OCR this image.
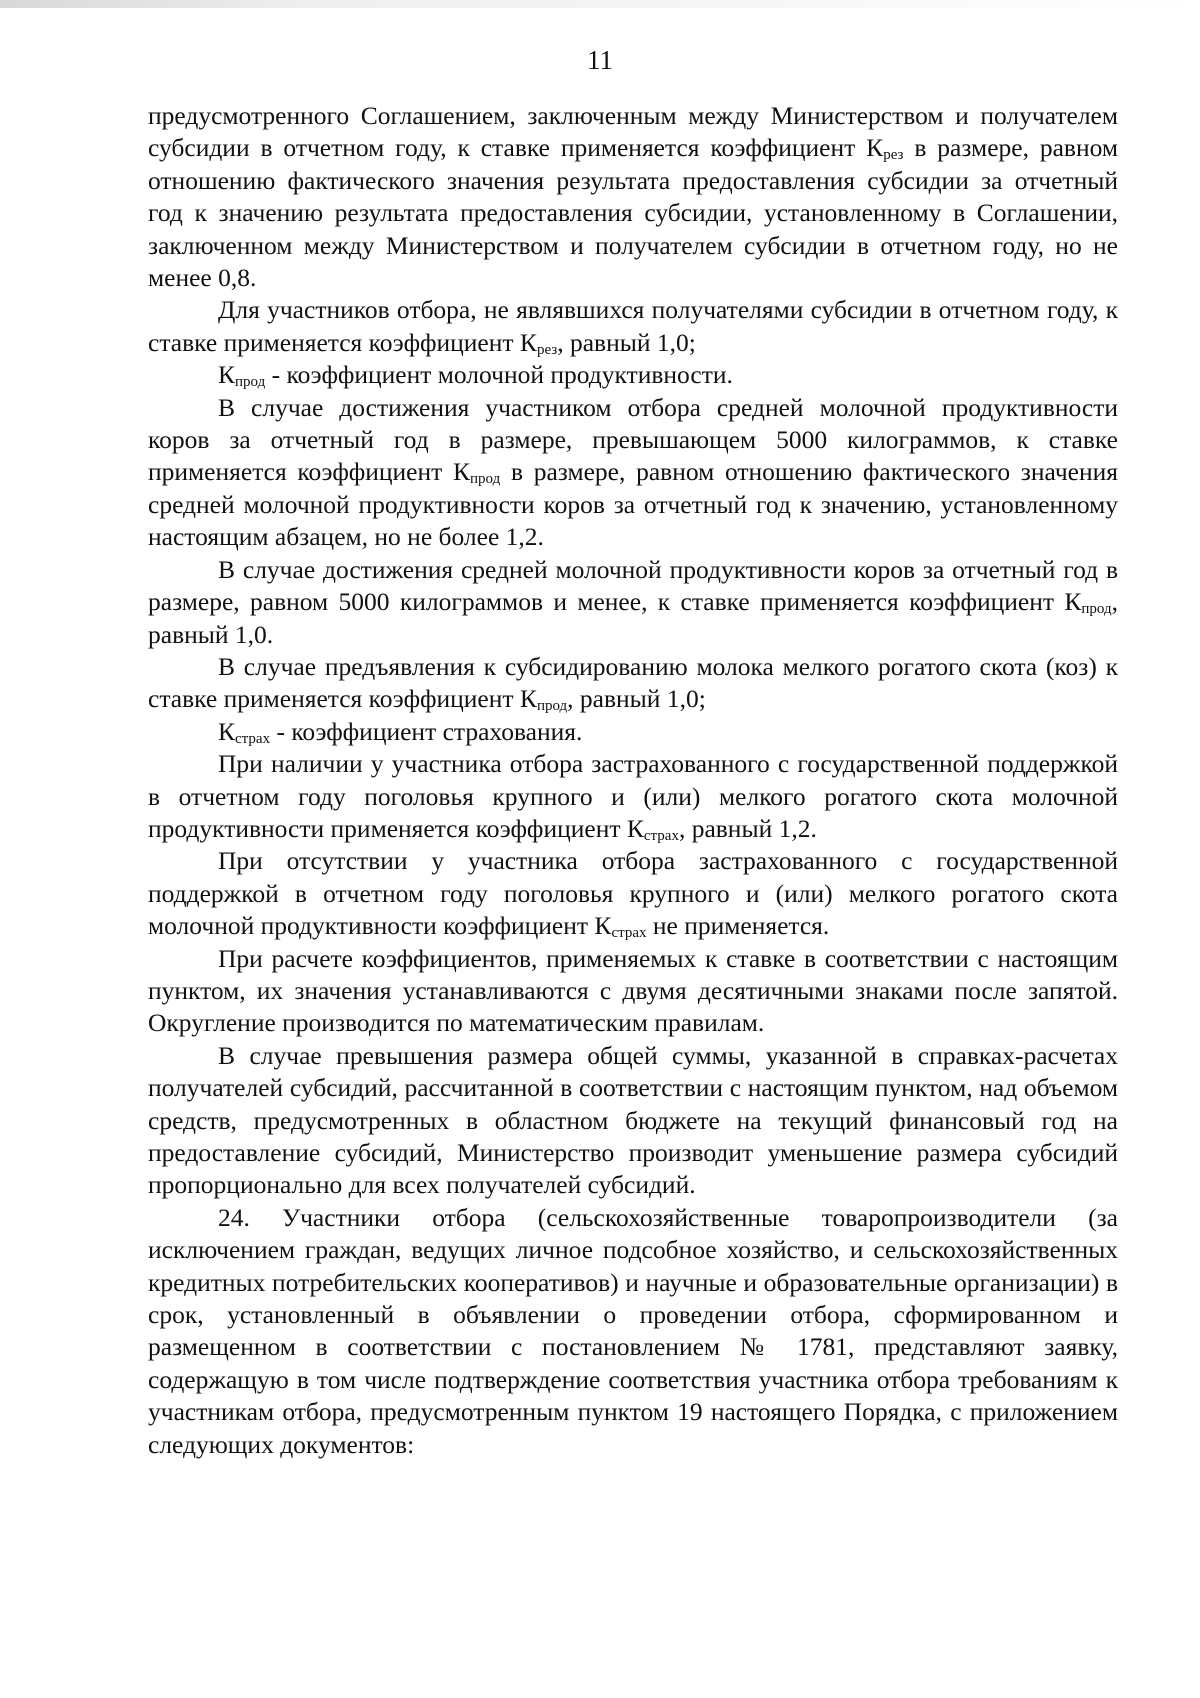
11

предусмотренного Соглашением, заключенным между Министерством и получателем субсидии в отчетном году, к ставке применяется коэффициент $К_{рез}$ в размере, равном отношению фактического значения результата предоставления субсидии за отчетный год к значению результата предоставления субсидии, установленному в Соглашении, заключенном между Министерством и получателем субсидии в отчетном году, но не менее 0,8.

Для участников отбора, не являвшихся получателями субсидии в отчетном году, к ставке применяется коэффициент $К_{рез}$, равный 1,0;

$К_{прод}$ - коэффициент молочной продуктивности.

В случае достижения участником отбора средней молочной продуктивности коров за отчетный год в размере, превышающем 5000 килограммов, к ставке применяется коэффициент $К_{прод}$ в размере, равном отношению фактического значения средней молочной продуктивности коров за отчетный год к значению, установленному настоящим абзацем, но не более 1,2.

В случае достижения средней молочной продуктивности коров за отчетный год в размере, равном 5000 килограммов и менее, к ставке применяется коэффициент $К_{прод}$, равный 1,0.

В случае предъявления к субсидированию молока мелкого рогатого скота (коз) к ставке применяется коэффициент $К_{прод}$, равный 1,0;

$К_{страх}$ - коэффициент страхования.

При наличии у участника отбора застрахованного с государственной поддержкой в отчетном году поголовья крупного и (или) мелкого рогатого скота молочной продуктивности применяется коэффициент $К_{страх}$, равный 1,2.

При отсутствии у участника отбора застрахованного с государственной поддержкой в отчетном году поголовья крупного и (или) мелкого рогатого скота молочной продуктивности коэффициент $К_{страх}$ не применяется.

При расчете коэффициентов, применяемых к ставке в соответствии с настоящим пунктом, их значения устанавливаются с двумя десятичными знаками после запятой. Округление производится по математическим правилам.

В случае превышения размера общей суммы, указанной в справках-расчетах получателей субсидий, рассчитанной в соответствии с настоящим пунктом, над объемом средств, предусмотренных в областном бюджете на текущий финансовый год на предоставление субсидий, Министерство производит уменьшение размера субсидий пропорционально для всех получателей субсидий.

24. Участники отбора (сельскохозяйственные товаропроизводители (за исключением граждан, ведущих личное подсобное хозяйство, и сельскохозяйственных кредитных потребительских кооперативов) и научные и образовательные организации) в срок, установленный в объявлении о проведении отбора, сформированном и размещенном в соответствии с постановлением № 1781, представляют заявку, содержащую в том числе подтверждение соответствия участника отбора требованиям к участникам отбора, предусмотренным пунктом 19 настоящего Порядка, с приложением следующих документов:
